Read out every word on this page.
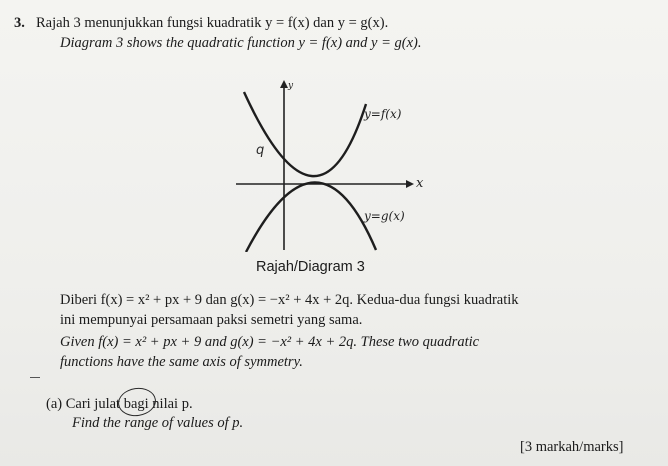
3. Rajah 3 menunjukkan fungsi kuadratik y = f(x) dan y = g(x).
Diagram 3 shows the quadratic function y = f(x) and y = g(x).
q
y
x
y=f(x)
y=g(x)
Rajah/Diagram 3
Diberi f(x) = x² + px + 9 dan g(x) = −x² + 4x + 2q. Kedua-dua fungsi kuadratik
ini mempunyai persamaan paksi semetri yang sama.
Given f(x) = x² + px + 9 and g(x) = −x² + 4x + 2q. These two quadratic
functions have the same axis of symmetry.
(a) Cari julat bagi nilai p.
Find the range of values of p.
[3 markah/marks]
